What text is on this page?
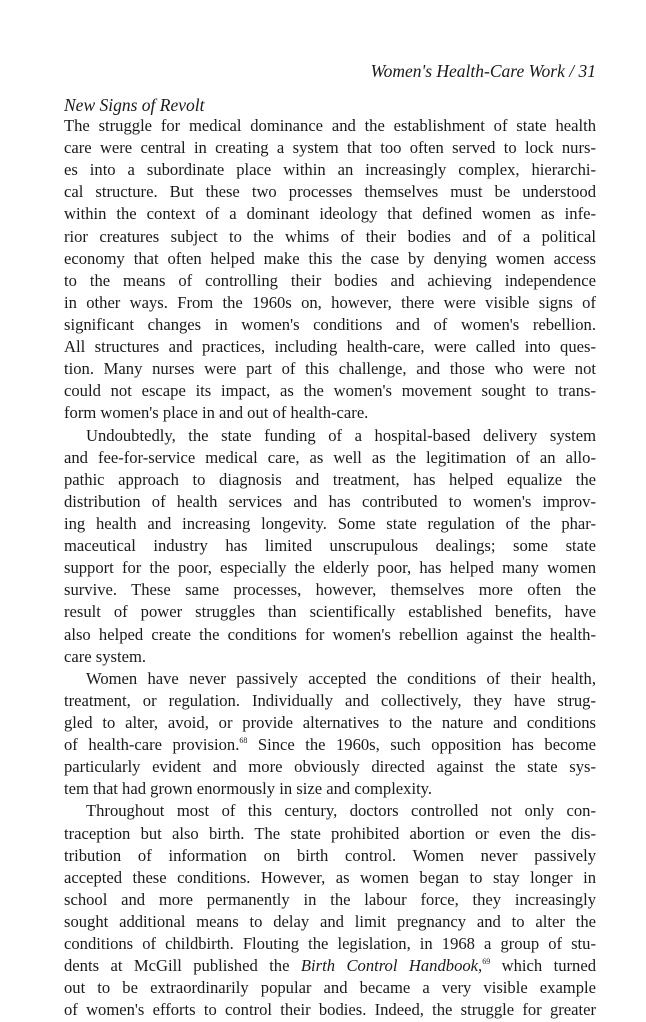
Women's Health-Care Work / 31
New Signs of Revolt
The struggle for medical dominance and the establishment of state health
care were central in creating a system that too often served to lock nurs-
es into a subordinate place within an increasingly complex, hierarchi-
cal structure. But these two processes themselves must be understood
within the context of a dominant ideology that defined women as infe-
rior creatures subject to the whims of their bodies and of a political
economy that often helped make this the case by denying women access
to the means of controlling their bodies and achieving independence
in other ways. From the 1960s on, however, there were visible signs of
significant changes in women's conditions and of women's rebellion.
All structures and practices, including health-care, were called into ques-
tion. Many nurses were part of this challenge, and those who were not
could not escape its impact, as the women's movement sought to trans-
form women's place in and out of health-care.
Undoubtedly, the state funding of a hospital-based delivery system
and fee-for-service medical care, as well as the legitimation of an allo-
pathic approach to diagnosis and treatment, has helped equalize the
distribution of health services and has contributed to women's improv-
ing health and increasing longevity. Some state regulation of the phar-
maceutical industry has limited unscrupulous dealings; some state
support for the poor, especially the elderly poor, has helped many women
survive. These same processes, however, themselves more often the
result of power struggles than scientifically established benefits, have
also helped create the conditions for women's rebellion against the health-
care system.
Women have never passively accepted the conditions of their health,
treatment, or regulation. Individually and collectively, they have strug-
gled to alter, avoid, or provide alternatives to the nature and conditions
of health-care provision.$^{68}$ Since the 1960s, such opposition has become
particularly evident and more obviously directed against the state sys-
tem that had grown enormously in size and complexity.
Throughout most of this century, doctors controlled not only con-
traception but also birth. The state prohibited abortion or even the dis-
tribution of information on birth control. Women never passively
accepted these conditions. However, as women began to stay longer in
school and more permanently in the labour force, they increasingly
sought additional means to delay and limit pregnancy and to alter the
conditions of childbirth. Flouting the legislation, in 1968 a group of stu-
dents at McGill published the Birth Control Handbook,$^{69}$ which turned
out to be extraordinarily popular and became a very visible example
of women's efforts to control their bodies. Indeed, the struggle for greater
